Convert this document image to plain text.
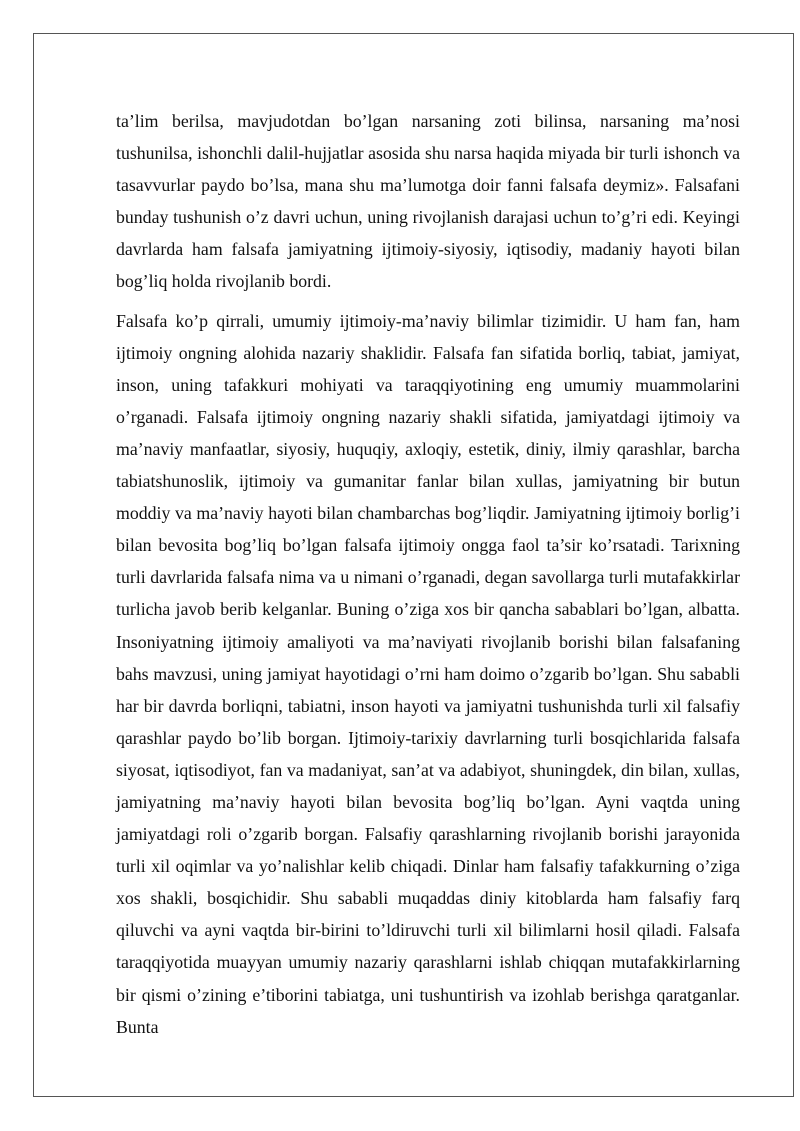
ta’lim berilsa, mavjudotdan bo’lgan narsaning zoti bilinsa, narsaning ma’nosi tushunilsa, ishonchli dalil-hujjatlar asosida shu narsa haqida miyada bir turli ishonch va tasavvurlar paydo bo’lsa, mana shu ma’lumotga doir fanni falsafa deymiz». Falsafani bunday tushunish o’z davri uchun, uning rivojlanish darajasi uchun to’g’ri edi. Keyingi davrlarda ham falsafa jamiyatning ijtimoiy-siyosiy, iqtisodiy, madaniy hayoti bilan bog’liq holda rivojlanib bordi.

Falsafa ko’p qirrali, umumiy ijtimoiy-ma’naviy bilimlar tizimidir. U ham fan, ham ijtimoiy ongning alohida nazariy shaklidir. Falsafa fan sifatida borliq, tabiat, jamiyat, inson, uning tafakkuri mohiyati va taraqqiyotining eng umumiy muammolarini o’rganadi. Falsafa ijtimoiy ongning nazariy shakli sifatida, jamiyatdagi ijtimoiy va ma’naviy manfaatlar, siyosiy, huquqiy, axloqiy, estetik, diniy, ilmiy qarashlar, barcha tabiatshunoslik, ijtimoiy va gumanitar fanlar bilan xullas, jamiyatning bir butun moddiy va ma’naviy hayoti bilan chambarchas bog’liqdir. Jamiyatning ijtimoiy borlig’i bilan bevosita bog’liq bo’lgan falsafa ijtimoiy ongga faol ta’sir ko’rsatadi. Tarixning turli davrlarida falsafa nima va u nimani o’rganadi, degan savollarga turli mutafakkirlar turlicha javob berib kelganlar. Buning o’ziga xos bir qancha sabablari bo’lgan, albatta. Insoniyatning ijtimoiy amaliyoti va ma’naviyati rivojlanib borishi bilan falsafaning bahs mavzusi, uning jamiyat hayotidagi o’rni ham doimo o’zgarib bo’lgan. Shu sababli har bir davrda borliqni, tabiatni, inson hayoti va jamiyatni tushunishda turli xil falsafiy qarashlar paydo bo’lib borgan. Ijtimoiy-tarixiy davrlarning turli bosqichlarida falsafa siyosat, iqtisodiyot, fan va madaniyat, san’at va adabiyot, shuningdek, din bilan, xullas, jamiyatning ma’naviy hayoti bilan bevosita bog’liq bo’lgan. Ayni vaqtda uning jamiyatdagi roli o’zgarib borgan. Falsafiy qarashlarning rivojlanib borishi jarayonida turli xil oqimlar va yo’nalishlar kelib chiqadi. Dinlar ham falsafiy tafakkurning o’ziga xos shakli, bosqichidir. Shu sababli muqaddas diniy kitoblarda ham falsafiy farq qiluvchi va ayni vaqtda bir-birini to’ldiruvchi turli xil bilimlarni hosil qiladi. Falsafa taraqqiyotida muayyan umumiy nazariy qarashlarni ishlab chiqqan mutafakkirlarning bir qismi o’zining e’tiborini tabiatga, uni tushuntirish va izohlab berishga qaratganlar. Bunta
